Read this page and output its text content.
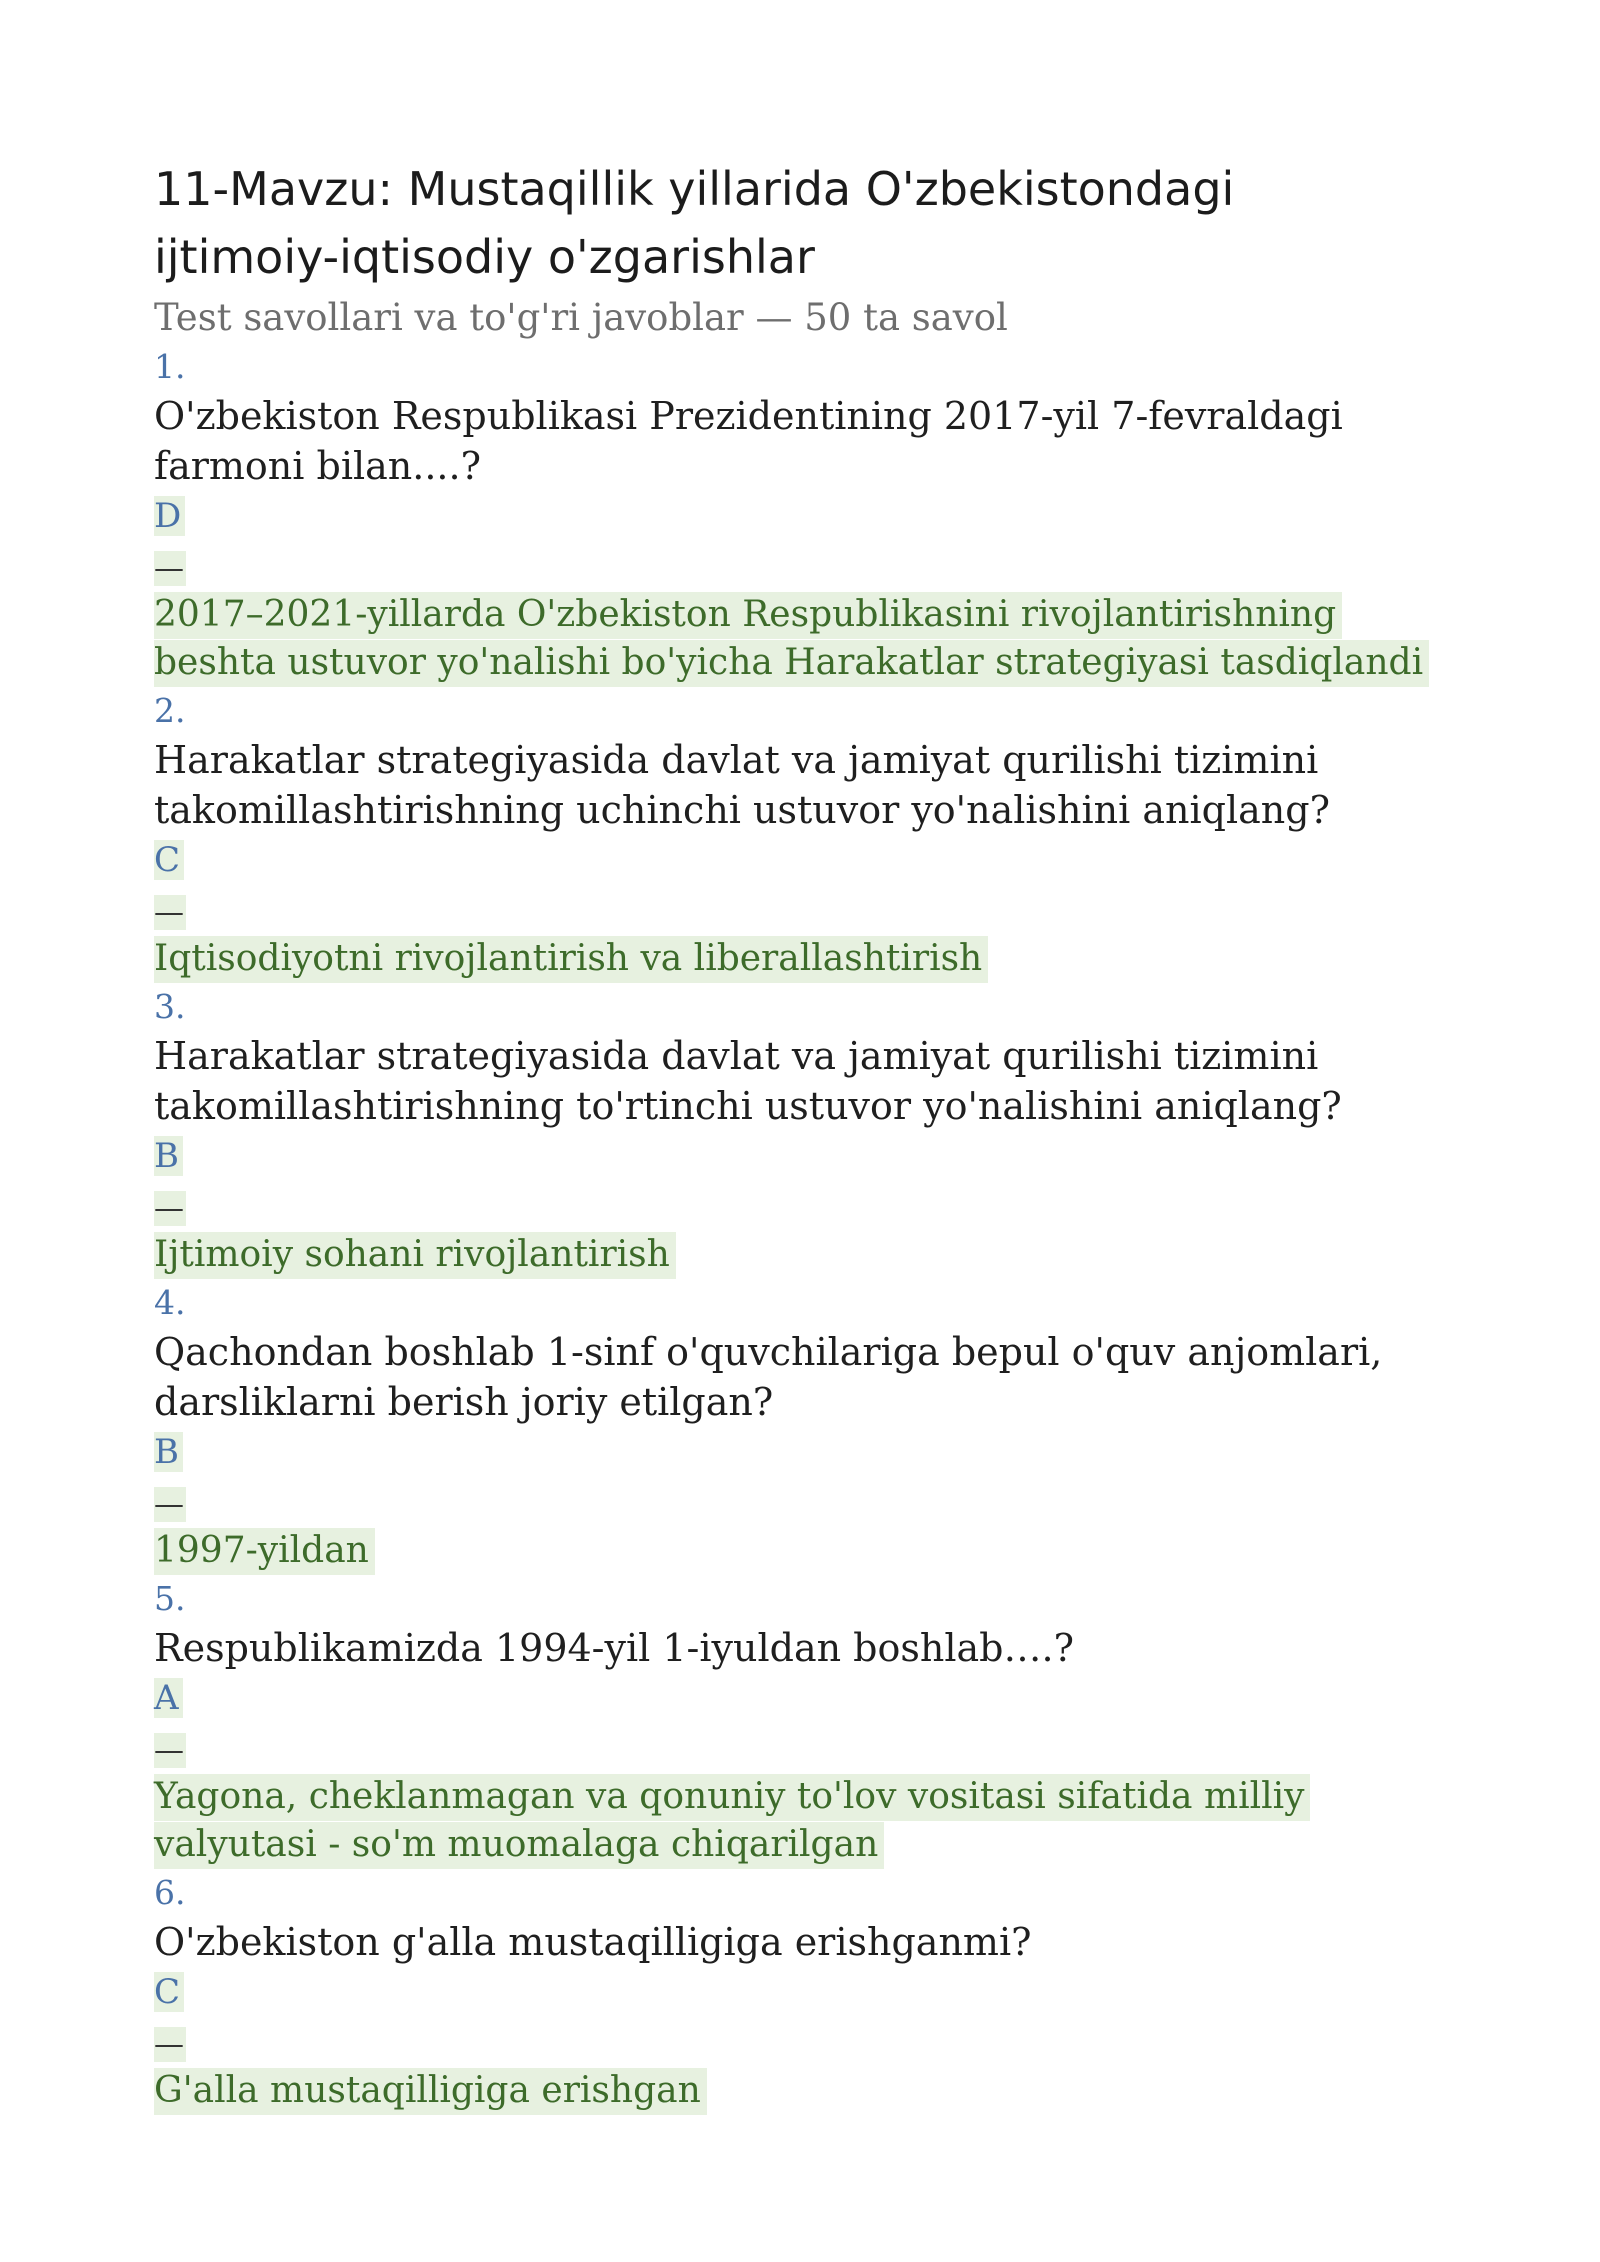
11-Mavzu: Mustaqillik yillarida O'zbekistondagi ijtimoiy-iqtisodiy o'zgarishlar
Test savollari va to'g'ri javoblar — 50 ta savol
1.
O'zbekiston Respublikasi Prezidentining 2017-yil 7-fevraldagi farmoni bilan....?
D
—
2017–2021-yillarda O'zbekiston Respublikasini rivojlantirishning beshta ustuvor yo'nalishi bo'yicha Harakatlar strategiyasi tasdiqlandi
2.
Harakatlar strategiyasida davlat va jamiyat qurilishi tizimini takomillashtirishning uchinchi ustuvor yo'nalishini aniqlang?
C
—
Iqtisodiyotni rivojlantirish va liberallashtirish
3.
Harakatlar strategiyasida davlat va jamiyat qurilishi tizimini takomillashtirishning to'rtinchi ustuvor yo'nalishini aniqlang?
B
—
Ijtimoiy sohani rivojlantirish
4.
Qachondan boshlab 1-sinf o'quvchilariga bepul o'quv anjomlari, darsliklarni berish joriy etilgan?
B
—
1997-yildan
5.
Respublikamizda 1994-yil 1-iyuldan boshlab….?
A
—
Yagona, cheklanmagan va qonuniy to'lov vositasi sifatida milliy valyutasi - so'm muomalaga chiqarilgan
6.
O'zbekiston g'alla mustaqilligiga erishganmi?
C
—
G'alla mustaqilligiga erishgan
